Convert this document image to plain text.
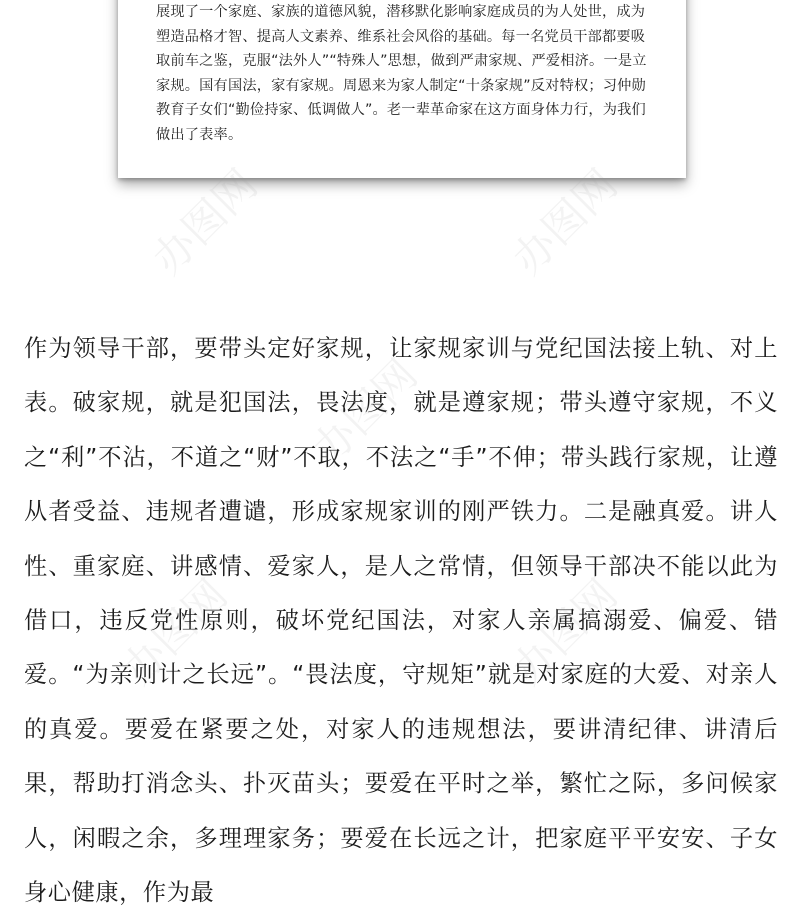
展现了一个家庭、家族的道德风貌，潜移默化影响家庭成员的为人处世，成为塑造品格才智、提高人文素养、维系社会风俗的基础。每一名党员干部都要吸取前车之鉴，克服“法外人”“特殊人”思想，做到严肃家规、严爱相济。一是立家规。国有国法，家有家规。周恩来为家人制定“十条家规”反对特权；习仲勋教育子女们“勤俭持家、低调做人”。老一辈革命家在这方面身体力行，为我们做出了表率。

作为领导干部，要带头定好家规，让家规家训与党纪国法接上轨、对上表。破家规，就是犯国法，畏法度，就是遵家规；带头遵守家规，不义之“利”不沾，不道之“财”不取，不法之“手”不伸；带头践行家规，让遵从者受益、违规者遭谴，形成家规家训的刚严铁力。二是融真爱。讲人性、重家庭、讲感情、爱家人，是人之常情，但领导干部决不能以此为借口，违反党性原则，破坏党纪国法，对家人亲属搞溺爱、偏爱、错爱。“为亲则计之长远”。“畏法度，守规矩”就是对家庭的大爱、对亲人的真爱。要爱在紧要之处，对家人的违规想法，要讲清纪律、讲清后果，帮助打消念头、扑灭苗头；要爱在平时之举，繁忙之际，多问候家人，闲暇之余，多理理家务；要爱在长远之计，把家庭平平安安、子女身心健康，作为最

办图网	办图网
办图网
办图网	办图网
